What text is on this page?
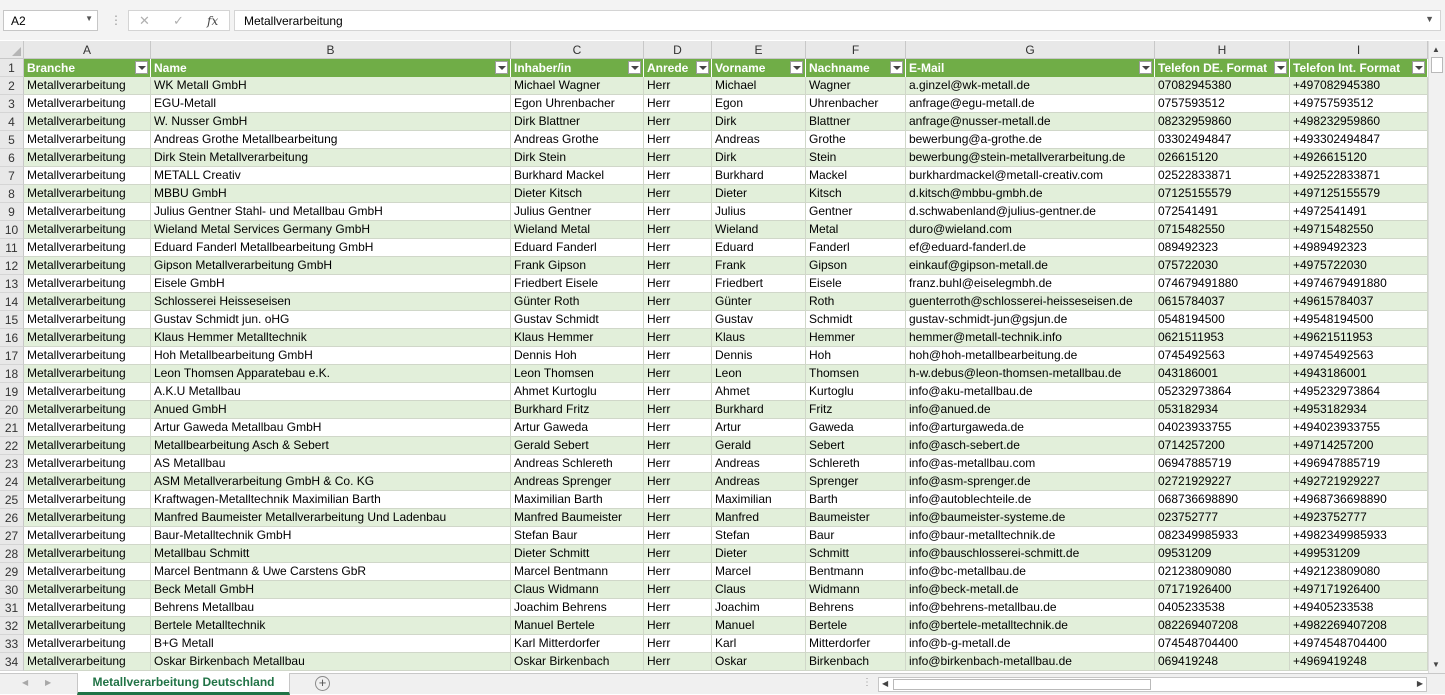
A2	▼ ⋮ ✕ ✓ fx Metallverarbeitung	▼
A	B	C	D	E	F	G	H	I
1	Branche	Name	Inhaber/in	Anrede	Vorname	Nachname	E-Mail	Telefon DE. Format	Telefon Int. Format
2	Metallverarbeitung	WK Metall GmbH	Michael Wagner	Herr	Michael	Wagner	a.ginzel@wk-metall.de	07082945380	+497082945380
3	Metallverarbeitung	EGU-Metall	Egon Uhrenbacher	Herr	Egon	Uhrenbacher	anfrage@egu-metall.de	0757593512	+49757593512
4	Metallverarbeitung	W. Nusser GmbH	Dirk Blattner	Herr	Dirk	Blattner	anfrage@nusser-metall.de	08232959860	+498232959860
5	Metallverarbeitung	Andreas Grothe Metallbearbeitung	Andreas Grothe	Herr	Andreas	Grothe	bewerbung@a-grothe.de	03302494847	+493302494847
6	Metallverarbeitung	Dirk Stein Metallverarbeitung	Dirk Stein	Herr	Dirk	Stein	bewerbung@stein-metallverarbeitung.de	026615120	+4926615120
7	Metallverarbeitung	METALL Creativ	Burkhard Mackel	Herr	Burkhard	Mackel	burkhardmackel@metall-creativ.com	02522833871	+492522833871
8	Metallverarbeitung	MBBU GmbH	Dieter Kitsch	Herr	Dieter	Kitsch	d.kitsch@mbbu-gmbh.de	07125155579	+497125155579
9	Metallverarbeitung	Julius Gentner Stahl- und Metallbau GmbH	Julius Gentner	Herr	Julius	Gentner	d.schwabenland@julius-gentner.de	072541491	+4972541491
10 Metallverarbeitung	Wieland Metal Services Germany GmbH	Wieland Metal	Herr	Wieland	Metal	duro@wieland.com	0715482550	+49715482550
11 Metallverarbeitung	Eduard Fanderl Metallbearbeitung GmbH	Eduard Fanderl	Herr	Eduard	Fanderl	ef@eduard-fanderl.de	089492323	+4989492323
12 Metallverarbeitung	Gipson Metallverarbeitung GmbH	Frank Gipson	Herr	Frank	Gipson	einkauf@gipson-metall.de	075722030	+4975722030
13 Metallverarbeitung	Eisele GmbH	Friedbert Eisele	Herr	Friedbert	Eisele	franz.buhl@eiselegmbh.de	074679491880	+4974679491880
14 Metallverarbeitung	Schlosserei Heisseseisen	Günter Roth	Herr	Günter	Roth	guenterroth@schlosserei-heisseseisen.de	0615784037	+49615784037
15 Metallverarbeitung	Gustav Schmidt jun. oHG	Gustav Schmidt	Herr	Gustav	Schmidt	gustav-schmidt-jun@gsjun.de	0548194500	+49548194500
16 Metallverarbeitung	Klaus Hemmer Metalltechnik	Klaus Hemmer	Herr	Klaus	Hemmer	hemmer@metall-technik.info	0621511953	+49621511953
17 Metallverarbeitung	Hoh Metallbearbeitung GmbH	Dennis Hoh	Herr	Dennis	Hoh	hoh@hoh-metallbearbeitung.de	0745492563	+49745492563
18 Metallverarbeitung	Leon Thomsen Apparatebau e.K.	Leon Thomsen	Herr	Leon	Thomsen	h-w.debus@leon-thomsen-metallbau.de	043186001	+4943186001
19 Metallverarbeitung	A.K.U Metallbau	Ahmet Kurtoglu	Herr	Ahmet	Kurtoglu	info@aku-metallbau.de	05232973864	+495232973864
20 Metallverarbeitung	Anued GmbH	Burkhard Fritz	Herr	Burkhard	Fritz	info@anued.de	053182934	+4953182934
21 Metallverarbeitung	Artur Gaweda Metallbau GmbH	Artur Gaweda	Herr	Artur	Gaweda	info@arturgaweda.de	04023933755	+494023933755
22 Metallverarbeitung	Metallbearbeitung Asch & Sebert	Gerald Sebert	Herr	Gerald	Sebert	info@asch-sebert.de	0714257200	+49714257200
23 Metallverarbeitung	AS Metallbau	Andreas Schlereth	Herr	Andreas	Schlereth	info@as-metallbau.com	06947885719	+496947885719
24 Metallverarbeitung	ASM Metallverarbeitung GmbH & Co. KG	Andreas Sprenger	Herr	Andreas	Sprenger	info@asm-sprenger.de	02721929227	+492721929227
25 Metallverarbeitung	Kraftwagen-Metalltechnik Maximilian Barth	Maximilian Barth	Herr	Maximilian	Barth	info@autoblechteile.de	068736698890	+4968736698890
26 Metallverarbeitung	Manfred Baumeister Metallverarbeitung Und Ladenbau	Manfred Baumeister	Herr	Manfred	Baumeister	info@baumeister-systeme.de	023752777	+4923752777
27 Metallverarbeitung	Baur-Metalltechnik GmbH	Stefan Baur	Herr	Stefan	Baur	info@baur-metalltechnik.de	082349985933	+4982349985933
28 Metallverarbeitung	Metallbau Schmitt	Dieter Schmitt	Herr	Dieter	Schmitt	info@bauschlosserei-schmitt.de	09531209	+499531209
29 Metallverarbeitung	Marcel Bentmann & Uwe Carstens GbR	Marcel Bentmann	Herr	Marcel	Bentmann	info@bc-metallbau.de	02123809080	+492123809080
30 Metallverarbeitung	Beck Metall GmbH	Claus Widmann	Herr	Claus	Widmann	info@beck-metall.de	07171926400	+497171926400
31 Metallverarbeitung	Behrens Metallbau	Joachim Behrens	Herr	Joachim	Behrens	info@behrens-metallbau.de	0405233538	+49405233538
32 Metallverarbeitung	Bertele Metalltechnik	Manuel Bertele	Herr	Manuel	Bertele	info@bertele-metalltechnik.de	082269407208	+4982269407208
33 Metallverarbeitung	B+G Metall	Karl Mitterdorfer	Herr	Karl	Mitterdorfer	info@b-g-metall.de	074548704400	+4974548704400
34 Metallverarbeitung	Oskar Birkenbach Metallbau	Oskar Birkenbach	Herr	Oskar	Birkenbach	info@birkenbach-metallbau.de	069419248	+4969419248
▲
▼
◀ ▶	Metallverarbeitung Deutschland	+	⋮ ◀	▶
